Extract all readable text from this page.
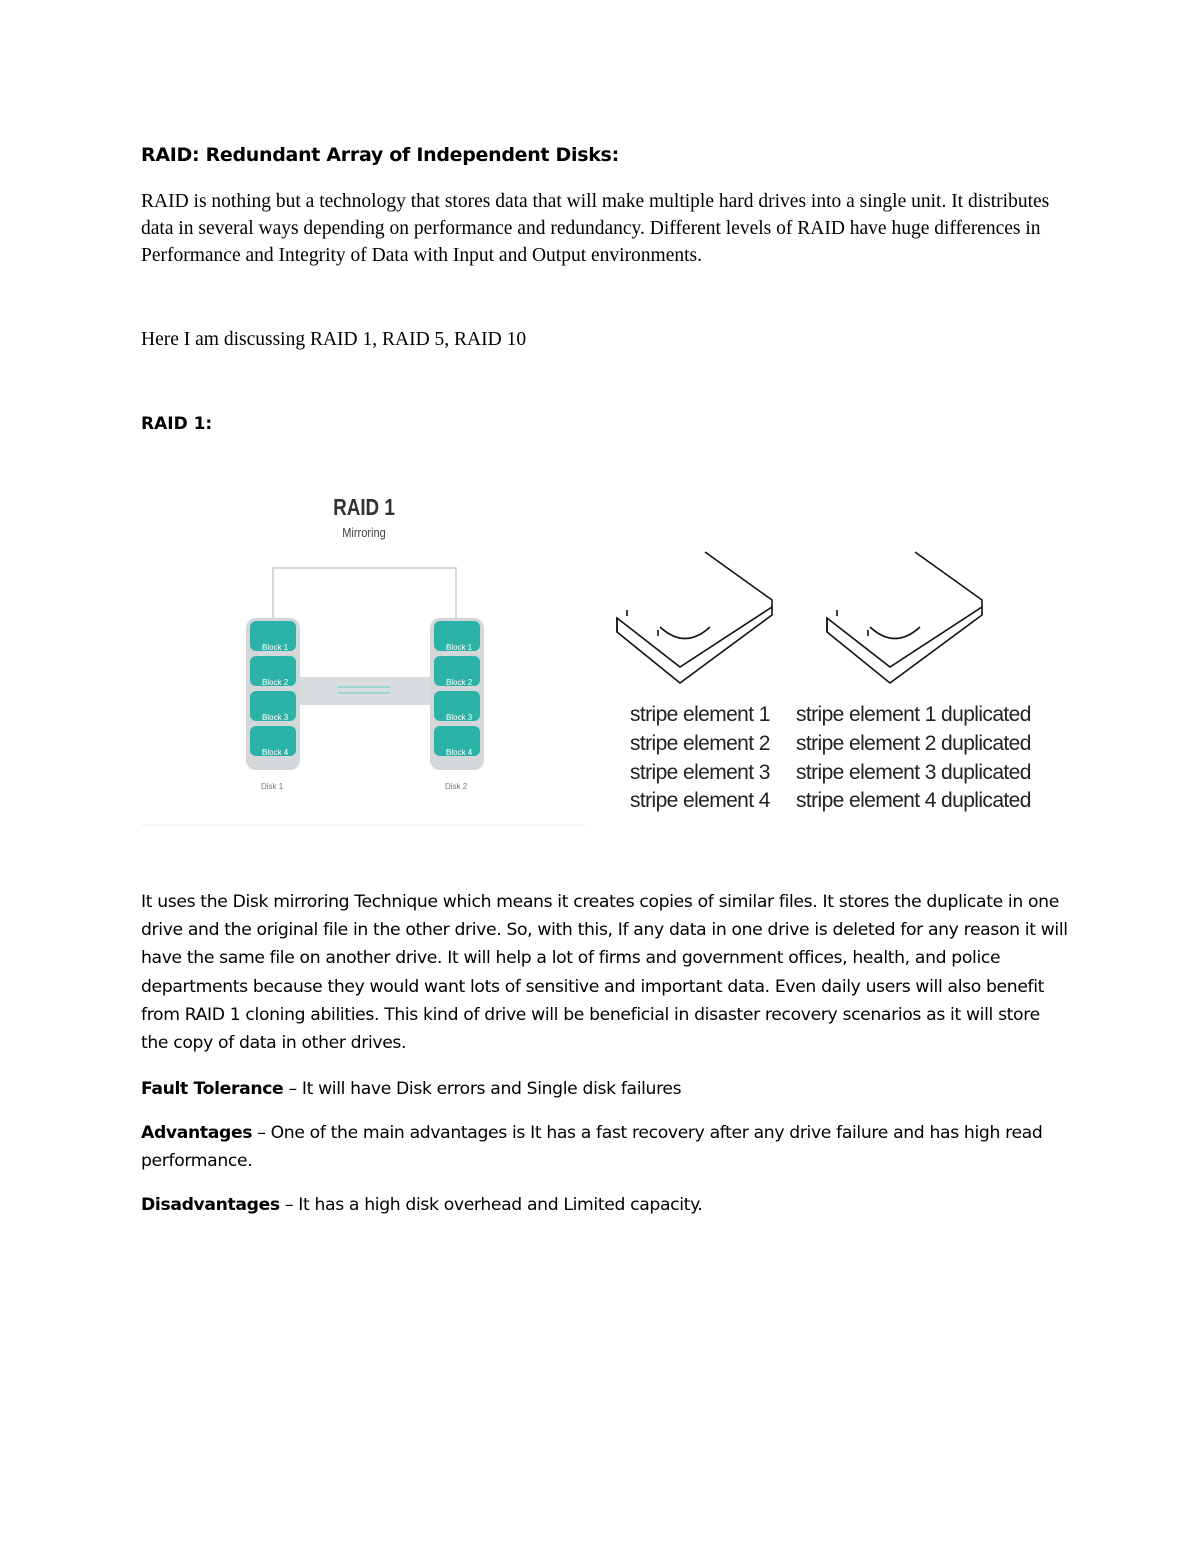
RAID: Redundant Array of Independent Disks:

RAID is nothing but a technology that stores data that will make multiple hard drives into a single unit. It distributes data in several ways depending on performance and redundancy. Different levels of RAID have huge differences in Performance and Integrity of Data with Input and Output environments.

Here I am discussing RAID 1, RAID 5, RAID 10

RAID 1:
RAID 1
Mirroring
Block 1
Block 2
Block 3
Block 4
Disk 1
Block 1
Block 2
Block 3
Block 4
Disk 2
stripe element 1
stripe element 2
stripe element 3
stripe element 4
stripe element 1 duplicated
stripe element 2 duplicated
stripe element 3 duplicated
stripe element 4 duplicated

It uses the Disk mirroring Technique which means it creates copies of similar files. It stores the duplicate in one drive and the original file in the other drive. So, with this, If any data in one drive is deleted for any reason it will have the same file on another drive. It will help a lot of firms and government offices, health, and police departments because they would want lots of sensitive and important data. Even daily users will also benefit from RAID 1 cloning abilities. This kind of drive will be beneficial in disaster recovery scenarios as it will store the copy of data in other drives.

Fault Tolerance – It will have Disk errors and Single disk failures

Advantages – One of the main advantages is It has a fast recovery after any drive failure and has high read performance.

Disadvantages – It has a high disk overhead and Limited capacity.
